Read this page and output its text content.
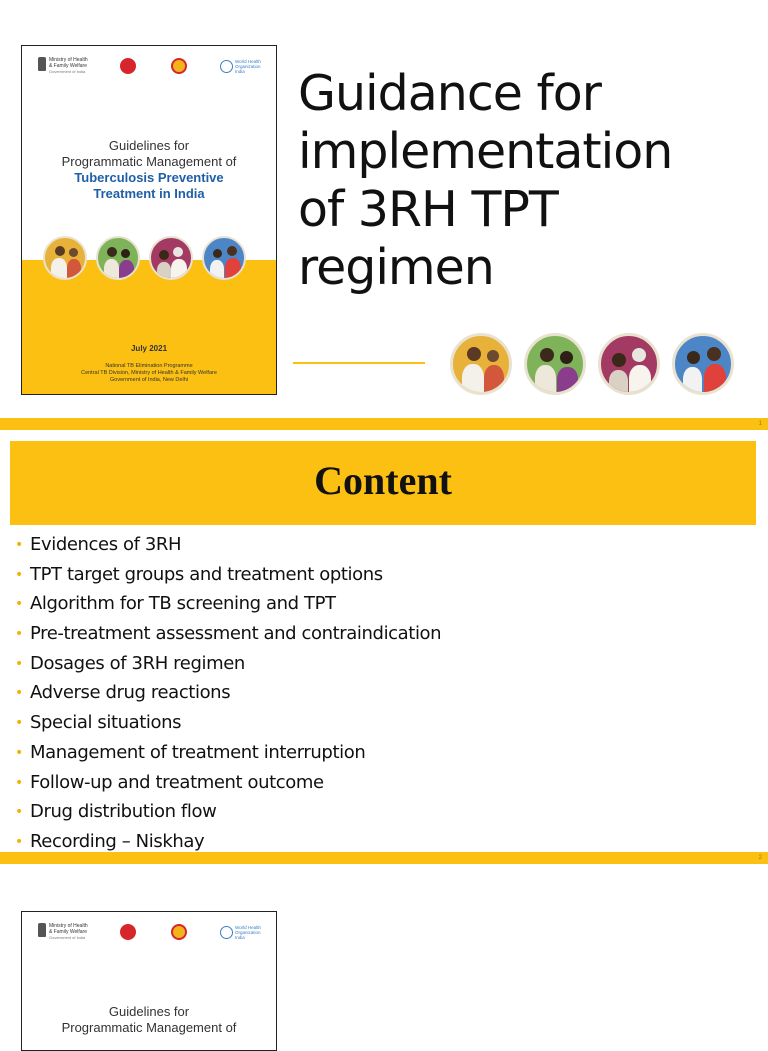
Ministry of Health
& Family Welfare
Government of India
World Health
Organization
India
Guidelines for
Programmatic Management of
Tuberculosis Preventive
Treatment in India
July 2021
National TB Elimination Programme
Central TB Division, Ministry of Health & Family Welfare
Government of India, New Delhi
Guidance for
implementation
of 3RH TPT
regimen
1
Content
• Evidences of 3RH
• TPT target groups and treatment options
• Algorithm for TB screening and TPT
• Pre-treatment assessment and contraindication
• Dosages of 3RH regimen
• Adverse drug reactions
• Special situations
• Management of treatment interruption
• Follow-up and treatment outcome
• Drug distribution flow
• Recording – Niskhay
2
Ministry of Health
& Family Welfare
Government of India
World Health
Organization
India
Guidelines for
Programmatic Management of
